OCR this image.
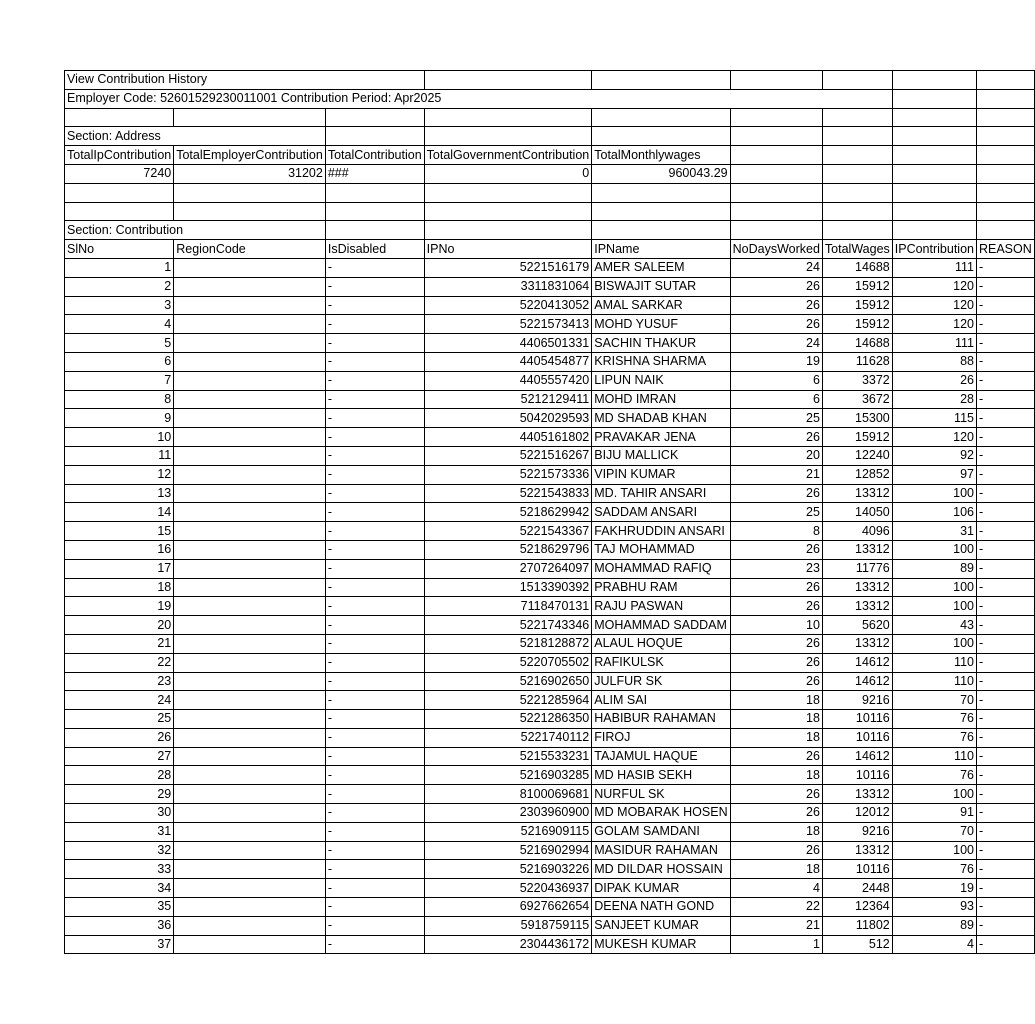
View Contribution History								
Employer Code: 52601529230011001 Contribution Period: Apr2025								

Section: Address								
TotalIpContribution	TotalEmployerContribution	TotalContribution	TotalGovernmentContribution	TotalMonthlywages				
7240	31202	###	0	960043.29				

Section: Contribution								
SlNo	RegionCode	IsDisabled	IPNo	IPName	NoDaysWorked	TotalWages	IPContribution	REASON
1		-	5221516179	AMER SALEEM	24	14688	111	-
2		-	3311831064	BISWAJIT SUTAR	26	15912	120	-
3		-	5220413052	AMAL SARKAR	26	15912	120	-
4		-	5221573413	MOHD YUSUF	26	15912	120	-
5		-	4406501331	SACHIN THAKUR	24	14688	111	-
6		-	4405454877	KRISHNA SHARMA	19	11628	88	-
7		-	4405557420	LIPUN NAIK	6	3372	26	-
8		-	5212129411	MOHD IMRAN	6	3672	28	-
9		-	5042029593	MD SHADAB KHAN	25	15300	115	-
10		-	4405161802	PRAVAKAR JENA	26	15912	120	-
11		-	5221516267	BIJU MALLICK	20	12240	92	-
12		-	5221573336	VIPIN KUMAR	21	12852	97	-
13		-	5221543833	MD. TAHIR ANSARI	26	13312	100	-
14		-	5218629942	SADDAM ANSARI	25	14050	106	-
15		-	5221543367	FAKHRUDDIN ANSARI	8	4096	31	-
16		-	5218629796	TAJ MOHAMMAD	26	13312	100	-
17		-	2707264097	MOHAMMAD RAFIQ	23	11776	89	-
18		-	1513390392	PRABHU RAM	26	13312	100	-
19		-	7118470131	RAJU PASWAN	26	13312	100	-
20		-	5221743346	MOHAMMAD SADDAM	10	5620	43	-
21		-	5218128872	ALAUL HOQUE	26	13312	100	-
22		-	5220705502	RAFIKULSK	26	14612	110	-
23		-	5216902650	JULFUR SK	26	14612	110	-
24		-	5221285964	ALIM SAI	18	9216	70	-
25		-	5221286350	HABIBUR RAHAMAN	18	10116	76	-
26		-	5221740112	FIROJ	18	10116	76	-
27		-	5215533231	TAJAMUL HAQUE	26	14612	110	-
28		-	5216903285	MD HASIB SEKH	18	10116	76	-
29		-	8100069681	NURFUL SK	26	13312	100	-
30		-	2303960900	MD MOBARAK HOSEN	26	12012	91	-
31		-	5216909115	GOLAM SAMDANI	18	9216	70	-
32		-	5216902994	MASIDUR RAHAMAN	26	13312	100	-
33		-	5216903226	MD DILDAR HOSSAIN	18	10116	76	-
34		-	5220436937	DIPAK KUMAR	4	2448	19	-
35		-	6927662654	DEENA NATH GOND	22	12364	93	-
36		-	5918759115	SANJEET KUMAR	21	11802	89	-
37		-	2304436172	MUKESH KUMAR	1	512	4	-
